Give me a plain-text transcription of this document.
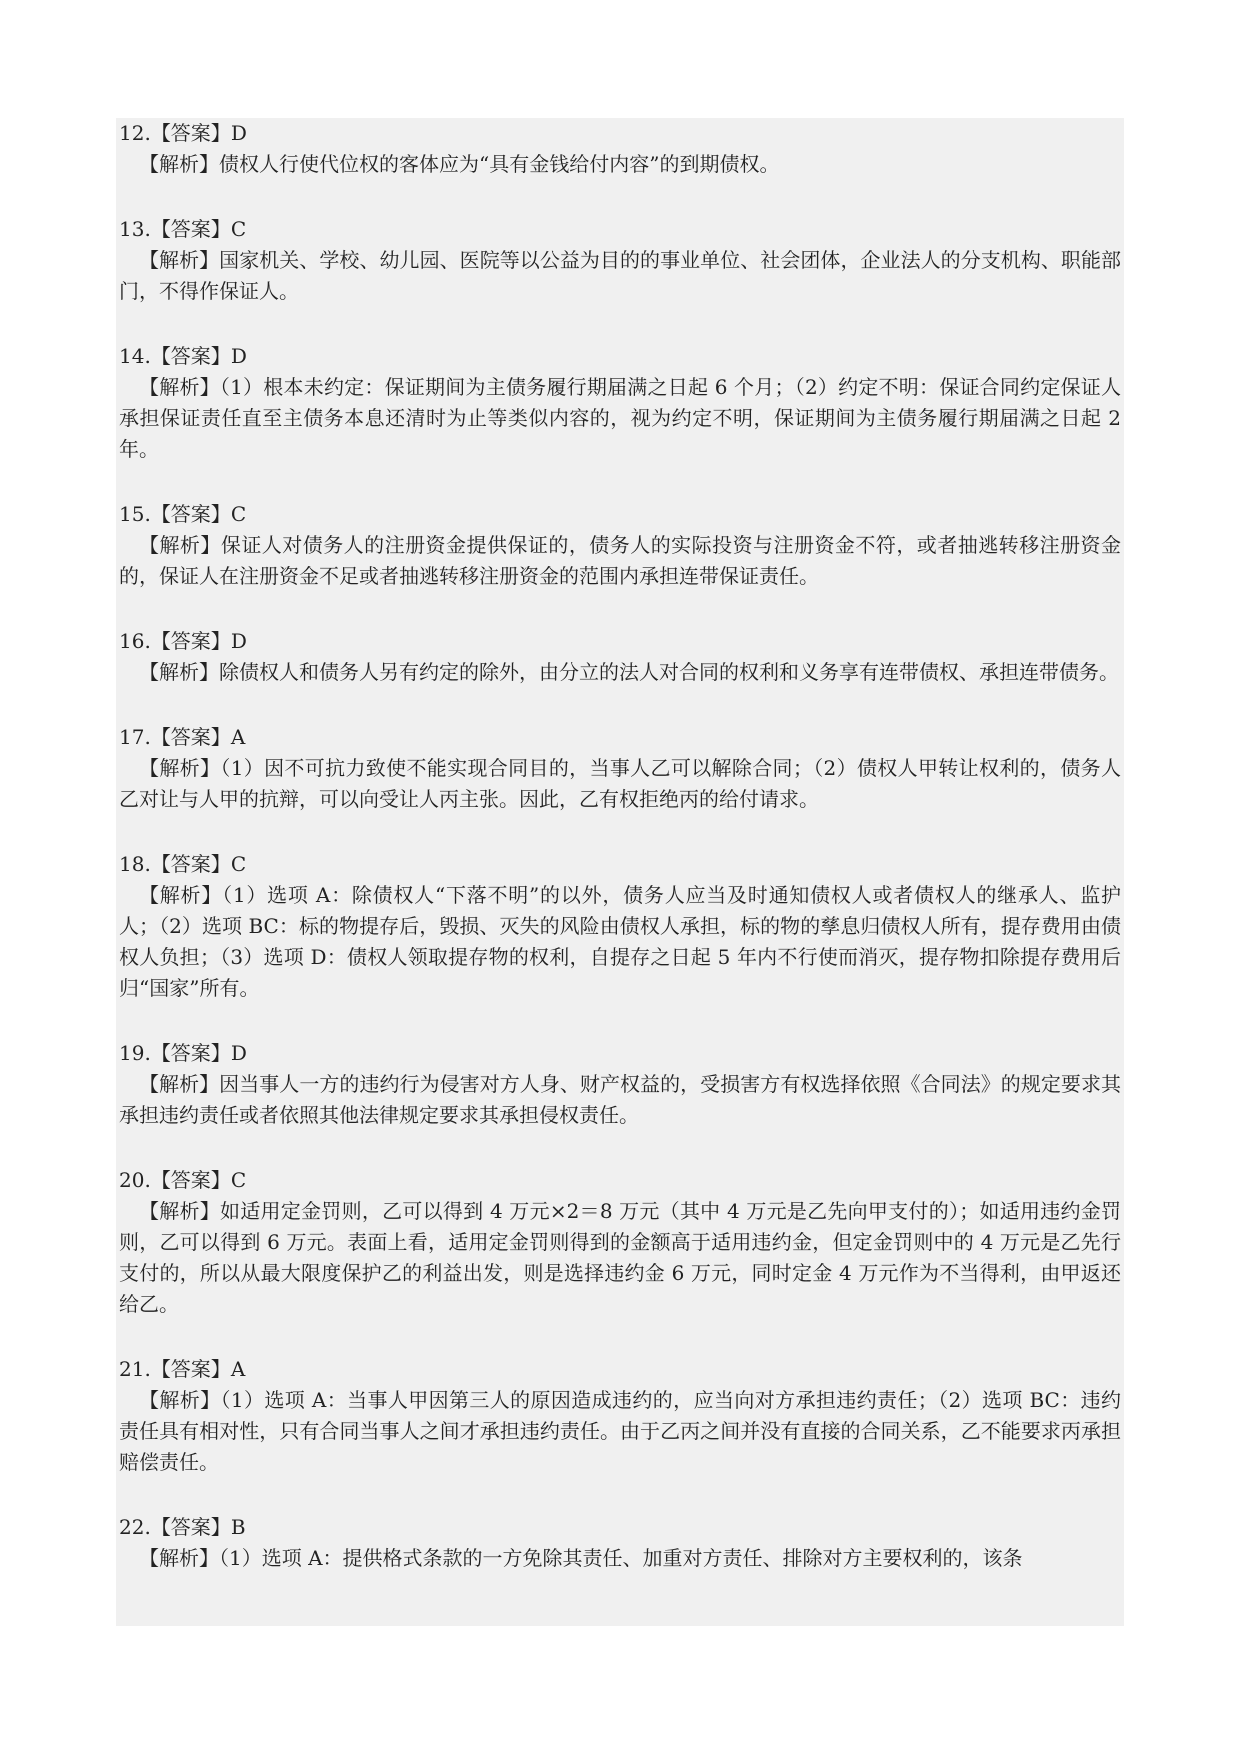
12.【答案】D

【解析】债权人行使代位权的客体应为“具有金钱给付内容”的到期债权。

13.【答案】C

【解析】国家机关、学校、幼儿园、医院等以公益为目的的事业单位、社会团体，企业法人的分支机构、职能部门，不得作保证人。

14.【答案】D

【解析】（1）根本未约定：保证期间为主债务履行期届满之日起 6 个月；（2）约定不明：保证合同约定保证人承担保证责任直至主债务本息还清时为止等类似内容的，视为约定不明，保证期间为主债务履行期届满之日起 2 年。

15.【答案】C

【解析】保证人对债务人的注册资金提供保证的，债务人的实际投资与注册资金不符，或者抽逃转移注册资金的，保证人在注册资金不足或者抽逃转移注册资金的范围内承担连带保证责任。

16.【答案】D

【解析】除债权人和债务人另有约定的除外，由分立的法人对合同的权利和义务享有连带债权、承担连带债务。

17.【答案】A

【解析】（1）因不可抗力致使不能实现合同目的，当事人乙可以解除合同；（2）债权人甲转让权利的，债务人乙对让与人甲的抗辩，可以向受让人丙主张。因此，乙有权拒绝丙的给付请求。

18.【答案】C

【解析】（1）选项 A：除债权人“下落不明”的以外，债务人应当及时通知债权人或者债权人的继承人、监护人；（2）选项 BC：标的物提存后，毁损、灭失的风险由债权人承担，标的物的孳息归债权人所有，提存费用由债权人负担；（3）选项 D：债权人领取提存物的权利，自提存之日起 5 年内不行使而消灭，提存物扣除提存费用后归“国家”所有。

19.【答案】D

【解析】因当事人一方的违约行为侵害对方人身、财产权益的，受损害方有权选择依照《合同法》的规定要求其承担违约责任或者依照其他法律规定要求其承担侵权责任。

20.【答案】C

【解析】如适用定金罚则，乙可以得到 4 万元×2＝8 万元（其中 4 万元是乙先向甲支付的）；如适用违约金罚则，乙可以得到 6 万元。表面上看，适用定金罚则得到的金额高于适用违约金，但定金罚则中的 4 万元是乙先行支付的，所以从最大限度保护乙的利益出发，则是选择违约金 6 万元，同时定金 4 万元作为不当得利，由甲返还给乙。

21.【答案】A

【解析】（1）选项 A：当事人甲因第三人的原因造成违约的，应当向对方承担违约责任；（2）选项 BC：违约责任具有相对性，只有合同当事人之间才承担违约责任。由于乙丙之间并没有直接的合同关系，乙不能要求丙承担赔偿责任。

22.【答案】B

【解析】（1）选项 A：提供格式条款的一方免除其责任、加重对方责任、排除对方主要权利的，该条
